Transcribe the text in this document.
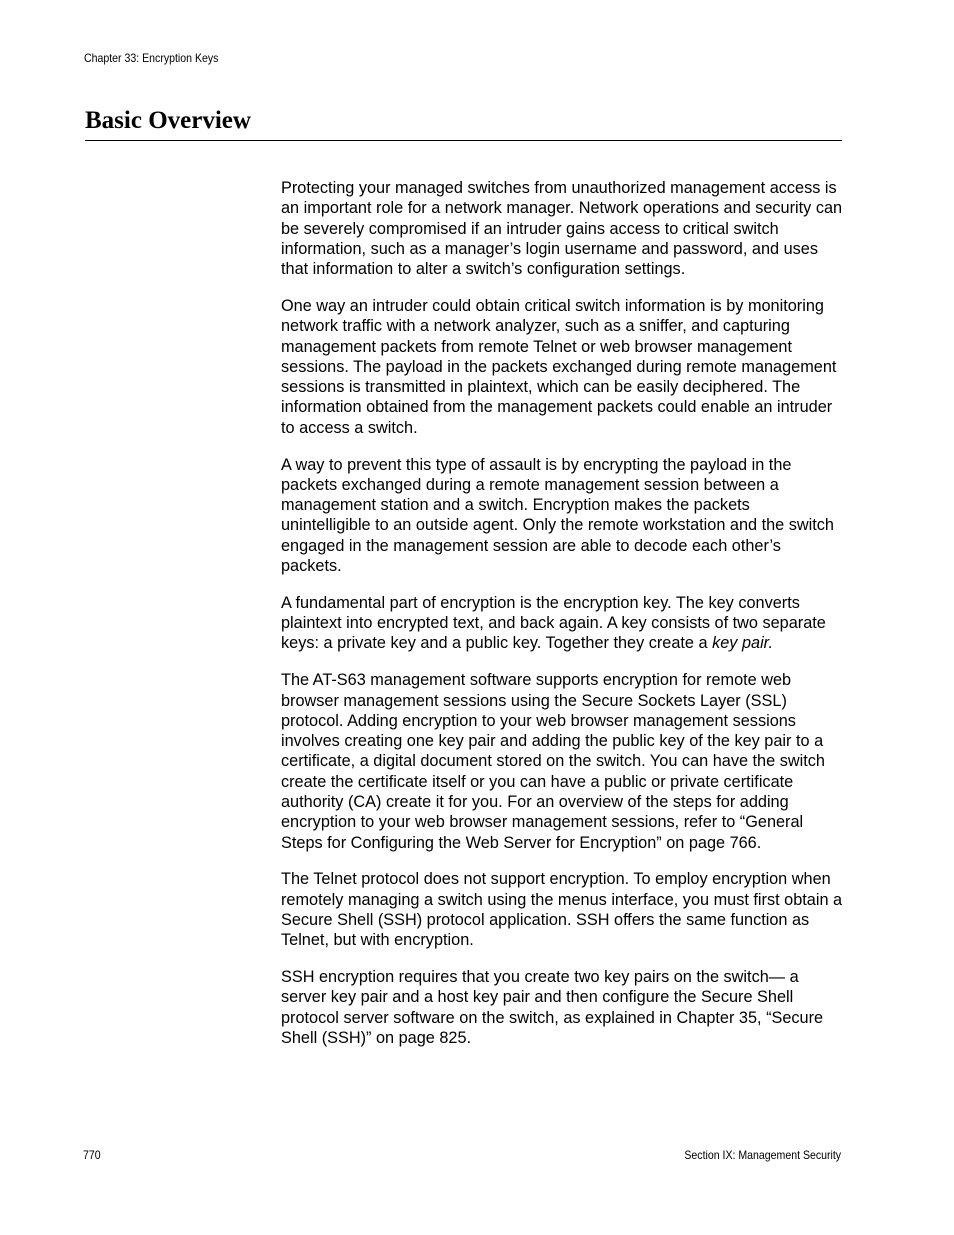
Chapter 33: Encryption Keys
Basic Overview

Protecting your managed switches from unauthorized management access is an important role for a network manager. Network operations and security can be severely compromised if an intruder gains access to critical switch information, such as a manager’s login username and password, and uses that information to alter a switch’s configuration settings.

One way an intruder could obtain critical switch information is by monitoring network traffic with a network analyzer, such as a sniffer, and capturing management packets from remote Telnet or web browser management sessions. The payload in the packets exchanged during remote management sessions is transmitted in plaintext, which can be easily deciphered. The information obtained from the management packets could enable an intruder to access a switch.

A way to prevent this type of assault is by encrypting the payload in the packets exchanged during a remote management session between a management station and a switch. Encryption makes the packets unintelligible to an outside agent. Only the remote workstation and the switch engaged in the management session are able to decode each other’s packets.

A fundamental part of encryption is the encryption key. The key converts plaintext into encrypted text, and back again. A key consists of two separate keys: a private key and a public key. Together they create a key pair.

The AT-S63 management software supports encryption for remote web browser management sessions using the Secure Sockets Layer (SSL) protocol. Adding encryption to your web browser management sessions involves creating one key pair and adding the public key of the key pair to a certificate, a digital document stored on the switch. You can have the switch create the certificate itself or you can have a public or private certificate authority (CA) create it for you. For an overview of the steps for adding encryption to your web browser management sessions, refer to “General Steps for Configuring the Web Server for Encryption” on page 766.

The Telnet protocol does not support encryption. To employ encryption when remotely managing a switch using the menus interface, you must first obtain a Secure Shell (SSH) protocol application. SSH offers the same function as Telnet, but with encryption.

SSH encryption requires that you create two key pairs on the switch— a server key pair and a host key pair and then configure the Secure Shell protocol server software on the switch, as explained in Chapter 35, “Secure Shell (SSH)” on page 825.

770	Section IX: Management Security
